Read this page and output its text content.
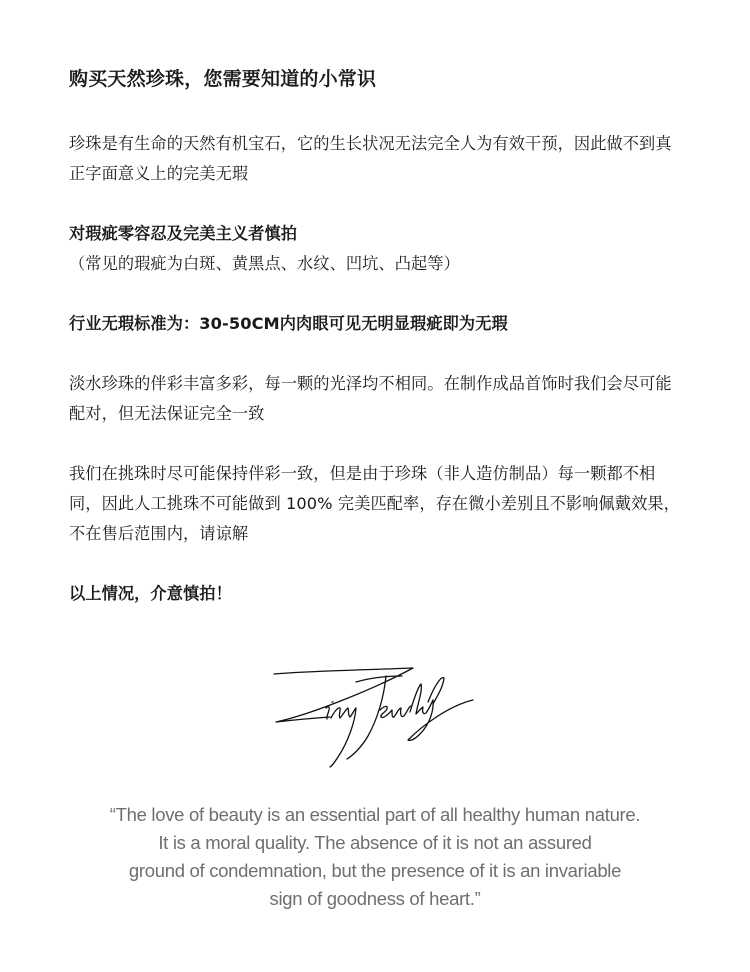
购买天然珍珠，您需要知道的小常识
珍珠是有生命的天然有机宝石，它的生长状况无法完全人为有效干预，因此做不到真正字面意义上的完美无瑕
对瑕疵零容忍及完美主义者慎拍（常见的瑕疵为白斑、黄黑点、水纹、凹坑、凸起等）
行业无瑕标准为：30-50CM内肉眼可见无明显瑕疵即为无瑕
淡水珍珠的伴彩丰富多彩，每一颗的光泽均不相同。在制作成品首饰时我们会尽可能配对，但无法保证完全一致
我们在挑珠时尽可能保持伴彩一致，但是由于珍珠（非人造仿制品）每一颗都不相同，因此人工挑珠不可能做到 100% 完美匹配率，存在微小差别且不影响佩戴效果，不在售后范围内，请谅解
以上情况，介意慎拍！
“The love of beauty is an essential part of all healthy human nature.
It is a moral quality. The absence of it is not an assured
ground of condemnation, but the presence of it is an invariable
sign of goodness of heart.”
